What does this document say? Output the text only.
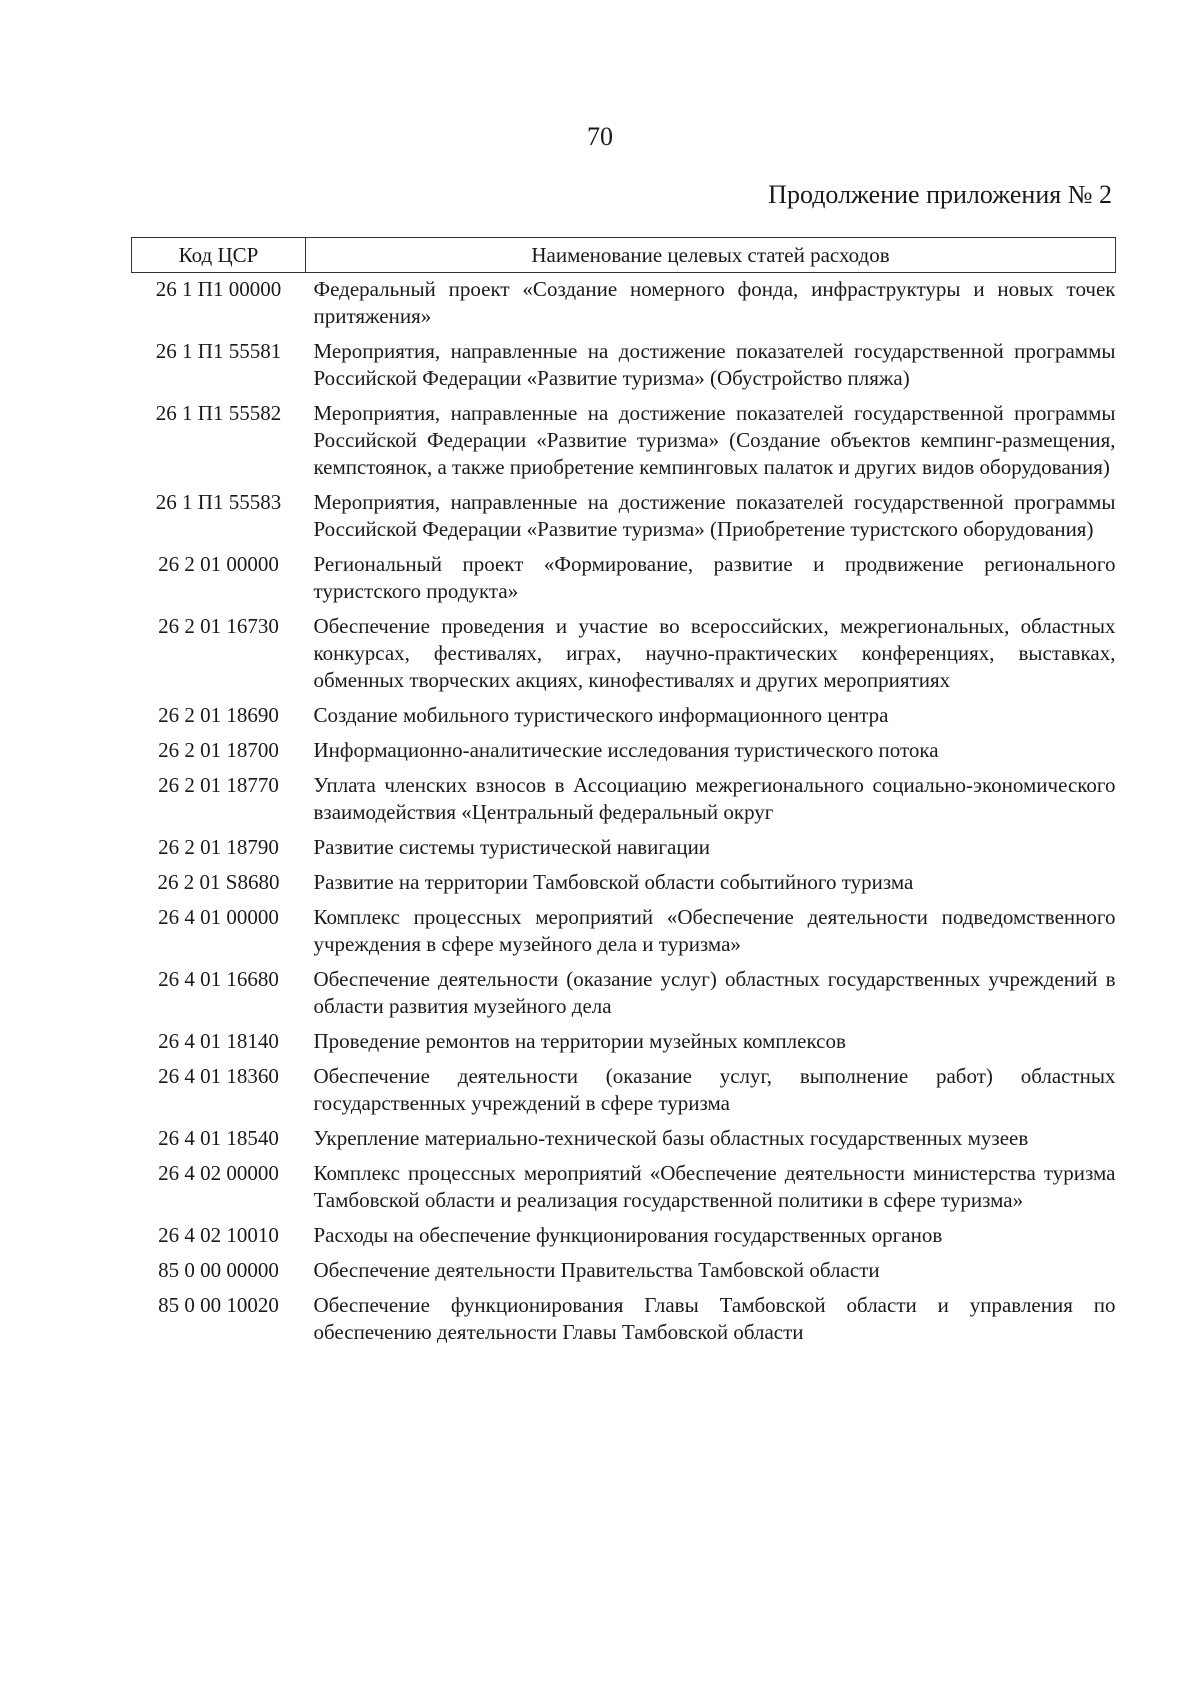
70
Продолжение приложения № 2
Код ЦСР	Наименование целевых статей расходов
26 1 П1 00000	Федеральный проект «Создание номерного фонда, инфраструктуры и новых точек притяжения»
26 1 П1 55581	Мероприятия, направленные на достижение показателей государственной программы Российской Федерации «Развитие туризма» (Обустройство пляжа)
26 1 П1 55582	Мероприятия, направленные на достижение показателей государственной программы Российской Федерации «Развитие туризма» (Создание объектов кемпинг-размещения, кемпстоянок, а также приобретение кемпинговых палаток и других видов оборудования)
26 1 П1 55583	Мероприятия, направленные на достижение показателей государственной программы Российской Федерации «Развитие туризма» (Приобретение туристского оборудования)
26 2 01 00000	Региональный проект «Формирование, развитие и продвижение регионального туристского продукта»
26 2 01 16730	Обеспечение проведения и участие во всероссийских, межрегиональных, областных конкурсах, фестивалях, играх, научно-практических конференциях, выставках, обменных творческих акциях, кинофестивалях и других мероприятиях
26 2 01 18690	Создание мобильного туристического информационного центра
26 2 01 18700	Информационно-аналитические исследования туристического потока
26 2 01 18770	Уплата членских взносов в Ассоциацию межрегионального социально-экономического взаимодействия «Центральный федеральный округ
26 2 01 18790	Развитие системы туристической навигации
26 2 01 S8680	Развитие на территории Тамбовской области событийного туризма
26 4 01 00000	Комплекс процессных мероприятий «Обеспечение деятельности подведомственного учреждения в сфере музейного дела и туризма»
26 4 01 16680	Обеспечение деятельности (оказание услуг) областных государственных учреждений в области развития музейного дела
26 4 01 18140	Проведение ремонтов на территории музейных комплексов
26 4 01 18360	Обеспечение деятельности (оказание услуг, выполнение работ) областных государственных учреждений в сфере туризма
26 4 01 18540	Укрепление материально-технической базы областных государственных музеев
26 4 02 00000	Комплекс процессных мероприятий «Обеспечение деятельности министерства туризма Тамбовской области и реализация государственной политики в сфере туризма»
26 4 02 10010	Расходы на обеспечение функционирования государственных органов
85 0 00 00000	Обеспечение деятельности Правительства Тамбовской области
85 0 00 10020	Обеспечение функционирования Главы Тамбовской области и управления по обеспечению деятельности Главы Тамбовской области
